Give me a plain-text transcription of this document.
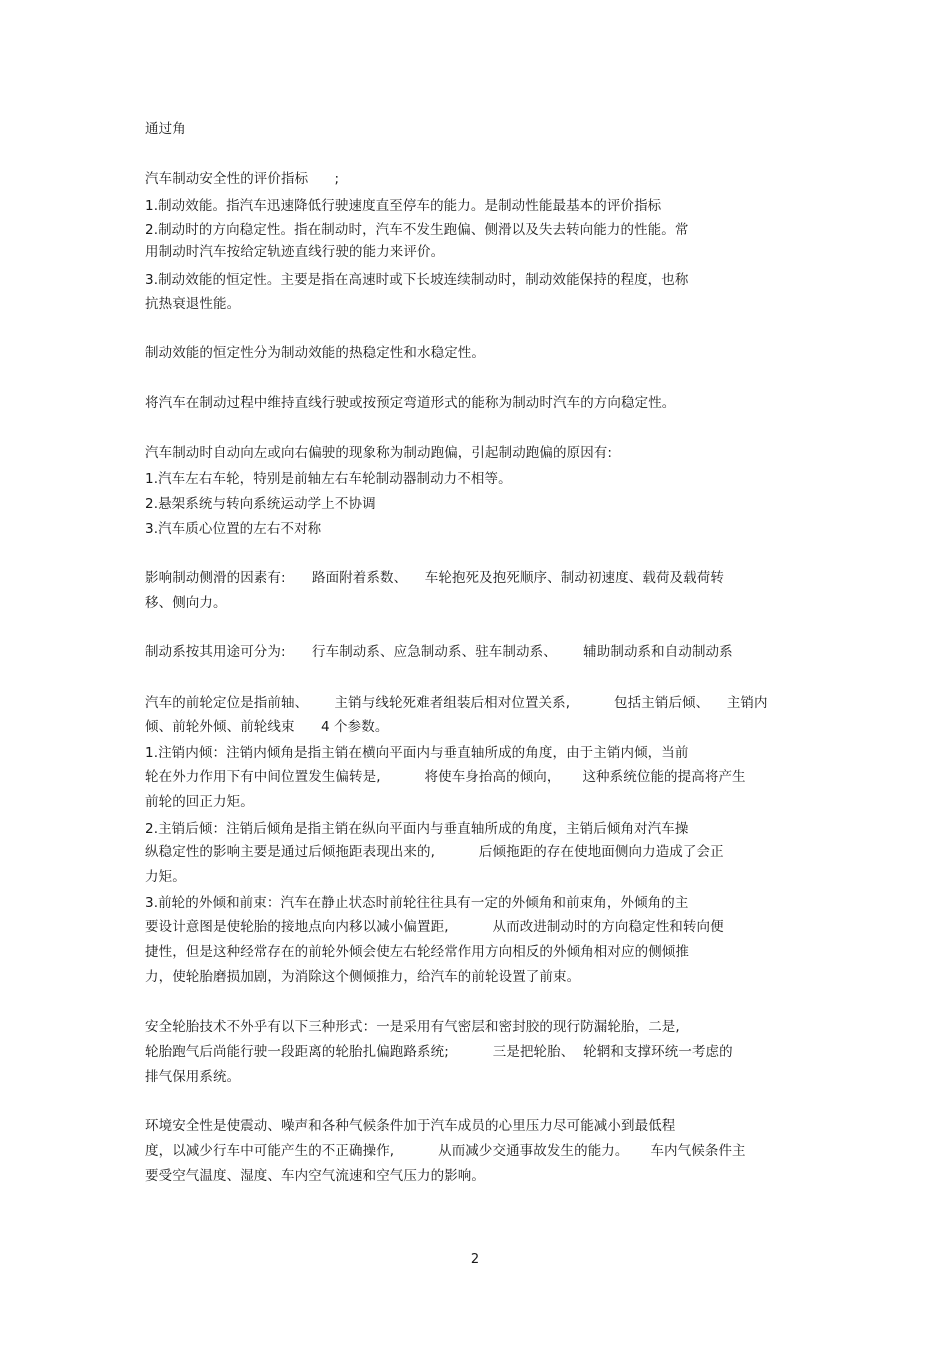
通过角
汽车制动安全性的评价指标      ;
1.制动效能。指汽车迅速降低行驶速度直至停车的能力。是制动性能最基本的评价指标
2.制动时的方向稳定性。指在制动时，汽车不发生跑偏、侧滑以及失去转向能力的性能。常
用制动时汽车按给定轨迹直线行驶的能力来评价。
3.制动效能的恒定性。主要是指在高速时或下长坡连续制动时，制动效能保持的程度，也称
抗热衰退性能。
制动效能的恒定性分为制动效能的热稳定性和水稳定性。
将汽车在制动过程中维持直线行驶或按预定弯道形式的能称为制动时汽车的方向稳定性。
汽车制动时自动向左或向右偏驶的现象称为制动跑偏，引起制动跑偏的原因有:
1.汽车左右车轮，特别是前轴左右车轮制动器制动力不相等。
2.悬架系统与转向系统运动学上不协调
3.汽车质心位置的左右不对称
影响制动侧滑的因素有:      路面附着系数、    车轮抱死及抱死顺序、制动初速度、载荷及载荷转
移、侧向力。
制动系按其用途可分为:      行车制动系、应急制动系、驻车制动系、      辅助制动系和自动制动系
汽车的前轮定位是指前轴、      主销与线轮死难者组装后相对位置关系,          包括主销后倾、    主销内
倾、前轮外倾、前轮线束      4 个参数。
1.注销内倾：注销内倾角是指主销在横向平面内与垂直轴所成的角度，由于主销内倾，当前
轮在外力作用下有中间位置发生偏转是,          将使车身抬高的倾向，     这种系统位能的提高将产生
前轮的回正力矩。
2.主销后倾：注销后倾角是指主销在纵向平面内与垂直轴所成的角度，主销后倾角对汽车操
纵稳定性的影响主要是通过后倾拖距表现出来的,          后倾拖距的存在使地面侧向力造成了会正
力矩。
3.前轮的外倾和前束：汽车在静止状态时前轮往往具有一定的外倾角和前束角，外倾角的主
要设计意图是使轮胎的接地点向内移以减小偏置距,          从而改进制动时的方向稳定性和转向便
捷性，但是这种经常存在的前轮外倾会使左右轮经常作用方向相反的外倾角相对应的侧倾推
力，使轮胎磨损加剧，为消除这个侧倾推力，给汽车的前轮设置了前束。
安全轮胎技术不外乎有以下三种形式：一是采用有气密层和密封胶的现行防漏轮胎，二是,
轮胎跑气后尚能行驶一段距离的轮胎扎偏跑路系统;          三是把轮胎、  轮辋和支撑环统一考虑的
排气保用系统。
环境安全性是使震动、噪声和各种气候条件加于汽车成员的心里压力尽可能减小到最低程
度，以减少行车中可能产生的不正确操作,          从而减少交通事故发生的能力。     车内气候条件主
要受空气温度、湿度、车内空气流速和空气压力的影响。
2
